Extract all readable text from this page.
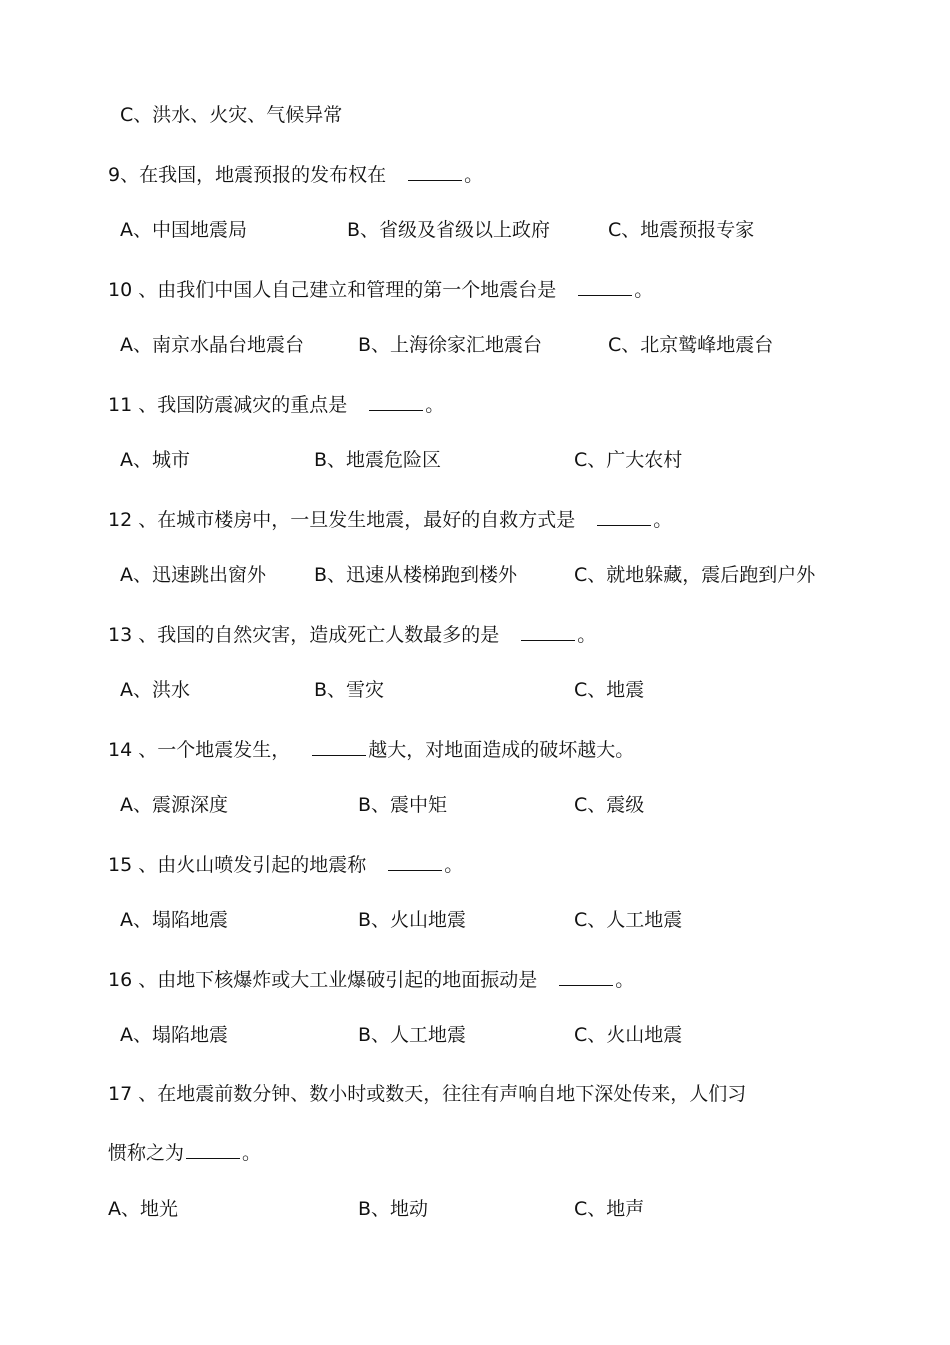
C、洪水、火灾、气候异常
9、在我国，地震预报的发布权在	。
A、中国地震局	B、省级及省级以上政府	C、地震预报专家
10 、由我们中国人自己建立和管理的第一个地震台是	。
A、南京水晶台地震台	B、上海徐家汇地震台	C、北京鹫峰地震台
11 、我国防震减灾的重点是	。
A、城市	B、地震危险区	C、广大农村
12 、在城市楼房中，一旦发生地震，最好的自救方式是	。
A、迅速跳出窗外	B、迅速从楼梯跑到楼外	C、就地躲藏，震后跑到户外
13 、我国的自然灾害，造成死亡人数最多的是	。
A、洪水	B、雪灾	C、地震
14 、一个地震发生，	越大，对地面造成的破坏越大。
A、震源深度	B、震中矩	C、震级
15 、由火山喷发引起的地震称	。
A、塌陷地震	B、火山地震	C、人工地震
16 、由地下核爆炸或大工业爆破引起的地面振动是	。
A、塌陷地震	B、人工地震	C、火山地震
17 、在地震前数分钟、数小时或数天，往往有声响自地下深处传来，人们习
惯称之为	。
A、地光	B、地动	C、地声
